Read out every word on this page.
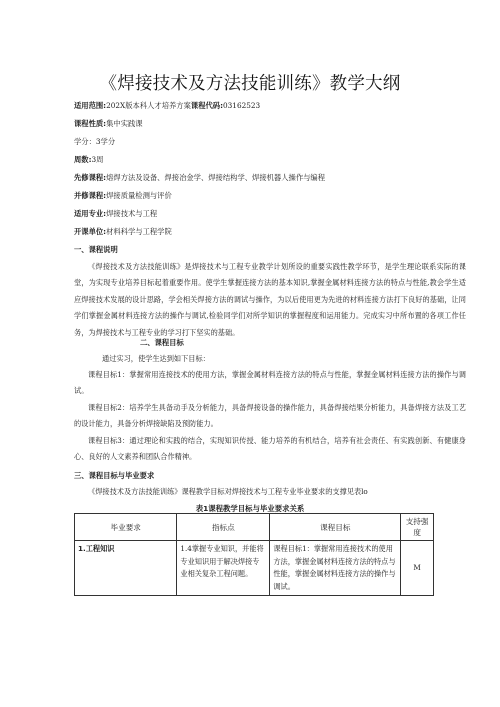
《焊接技术及方法技能训练》教学大纲
适用范围:202X版本科人才培养方案课程代码:03162523
课程性质:集中实践课
学分：3学分
周数:3周
先修课程:熔焊方法及设备、焊接冶金学、焊接结构学、焊接机器人操作与编程
并修课程:焊接质量检测与评价
适用专业:焊接技术与工程
开课单位:材料科学与工程学院
一、课程说明
《焊接技术及方法技能训练》是焊接技术与工程专业教学计划所设的重要实践性教学环节，是学生理论联系实际的课堂，为实现专业培养目标起着重要作用。使学生掌握连接方法的基本知识,掌握金属材料连接方法的特点与性能,教会学生适应焊接技术发展的设计思路，学会相关焊接方法的调试与操作，为以后使用更为先进的材料连接方法打下良好的基础，让同学们掌握金属材料连接方法的操作与调试,检验同学们对所学知识的掌握程度和运用能力。完成实习中所布置的各项工作任务，为焊接技术与工程专业的学习打下坚实的基础。
二、课程目标
通过实习，使学生达到如下目标：
课程目标1：掌握常用连接技术的使用方法，掌握金属材料连接方法的特点与性能，掌握金属材料连接方法的操作与调试。
课程目标2：培养学生具备动手及分析能力，具备焊接设备的操作能力，具备焊接结果分析能力，具备焊接方法及工艺的设计能力，具备分析焊接缺陷及预防能力。
课程目标3：通过理论和实践的结合，实现知识传授、能力培养的有机结合，培养有社会责任、有实践创新、有健康身心、良好的人文素养和团队合作精神。
三、课程目标与毕业要求
《焊接技术及方法技能训练》课程教学目标对焊接技术与工程专业毕业要求的支撑见表lo
表1课程教学目标与毕业要求关系
毕业要求	指标点	课程目标	支持强度
1.工程知识	1.4掌握专业知识，并能将专业知识用于解决焊接专业相关复杂工程问题。	课程目标1：掌握常用连接技术的使用方法，掌握金属材料连接方法的特点与性能，掌握金属材料连接方法的操作与调试。	M
